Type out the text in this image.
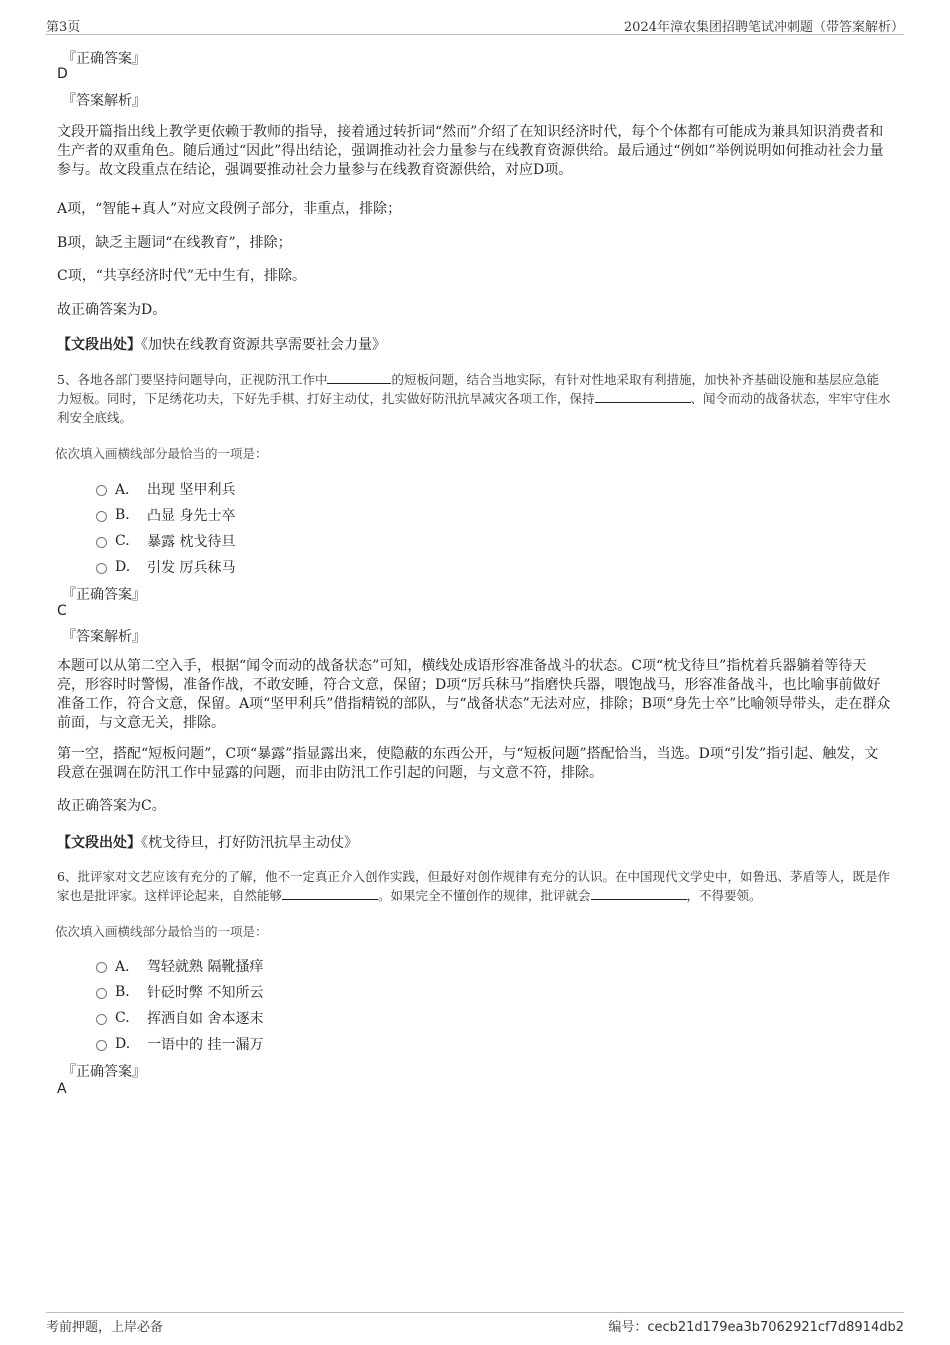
第3页	2024年漳农集团招聘笔试冲刺题（带答案解析）
『正确答案』
D
『答案解析』
文段开篇指出线上教学更依赖于教师的指导，接着通过转折词“然而”介绍了在知识经济时代，每个个体都有可能成为兼具知识消费者和生产者的双重角色。随后通过“因此”得出结论，强调推动社会力量参与在线教育资源供给。最后通过“例如”举例说明如何推动社会力量参与。故文段重点在结论，强调要推动社会力量参与在线教育资源供给，对应D项。
A项，“智能+真人”对应文段例子部分，非重点，排除；
B项，缺乏主题词“在线教育”，排除；
C项，“共享经济时代”无中生有，排除。
故正确答案为D。
【文段出处】《加快在线教育资源共享需要社会力量》
5、各地各部门要坚持问题导向，正视防汛工作中	的短板问题，结合当地实际，有针对性地采取有利措施，加快补齐基础设施和基层应急能力短板。同时，下足绣花功夫，下好先手棋、打好主动仗，扎实做好防汛抗旱减灾各项工作，保持	、闻令而动的战备状态，牢牢守住水利安全底线。
依次填入画横线部分最恰当的一项是：
A． 出现 坚甲利兵
B.	凸显 身先士卒
C.	暴露 枕戈待旦
D.	引发 厉兵秣马
『正确答案』
C
『答案解析』
本题可以从第二空入手，根据“闻令而动的战备状态”可知，横线处成语形容准备战斗的状态。C项“枕戈待旦”指枕着兵器躺着等待天亮，形容时时警惕，准备作战，不敢安睡，符合文意，保留；D项“厉兵秣马”指磨快兵器，喂饱战马，形容准备战斗，也比喻事前做好准备工作，符合文意，保留。A项“坚甲利兵”借指精锐的部队，与“战备状态”无法对应，排除；B项“身先士卒”比喻领导带头，走在群众前面，与文意无关，排除。
第一空，搭配“短板问题”，C项“暴露”指显露出来，使隐蔽的东西公开，与“短板问题”搭配恰当，当选。D项“引发”指引起、触发，文段意在强调在防汛工作中显露的问题，而非由防汛工作引起的问题，与文意不符，排除。
故正确答案为C。
【文段出处】《枕戈待旦，打好防汛抗旱主动仗》
6、批评家对文艺应该有充分的了解，他不一定真正介入创作实践，但最好对创作规律有充分的认识。在中国现代文学史中，如鲁迅、茅盾等人，既是作家也是批评家。这样评论起来，自然能够	。如果完全不懂创作的规律，批评就会	，不得要领。
依次填入画横线部分最恰当的一项是：
A． 驾轻就熟 隔靴搔痒
B.	针砭时弊 不知所云
C.	挥洒自如 舍本逐末
D.	一语中的 挂一漏万
『正确答案』
A
考前押题，上岸必备	编号：cecb21d179ea3b7062921cf7d8914db2
